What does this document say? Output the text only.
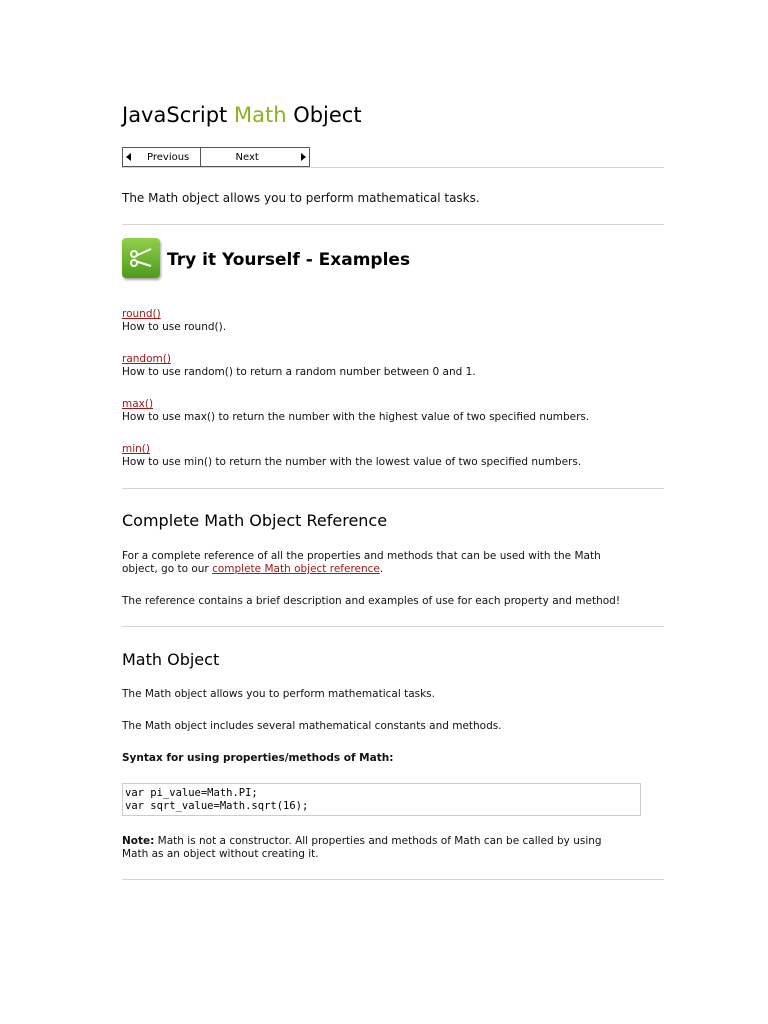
JavaScript Math Object
Previous	Next

The Math object allows you to perform mathematical tasks.

Try it Yourself - Examples
round()
How to use round().
random()
How to use random() to return a random number between 0 and 1.
max()
How to use max() to return the number with the highest value of two specified numbers.
min()
How to use min() to return the number with the lowest value of two specified numbers.
Complete Math Object Reference
For a complete reference of all the properties and methods that can be used with the Math
object, go to our complete Math object reference.

The reference contains a brief description and examples of use for each property and method!

Math Object

The Math object allows you to perform mathematical tasks.

The Math object includes several mathematical constants and methods.

Syntax for using properties/methods of Math:

var pi_value=Math.PI;
var sqrt_value=Math.sqrt(16);
Note: Math is not a constructor. All properties and methods of Math can be called by using
Math as an object without creating it.
